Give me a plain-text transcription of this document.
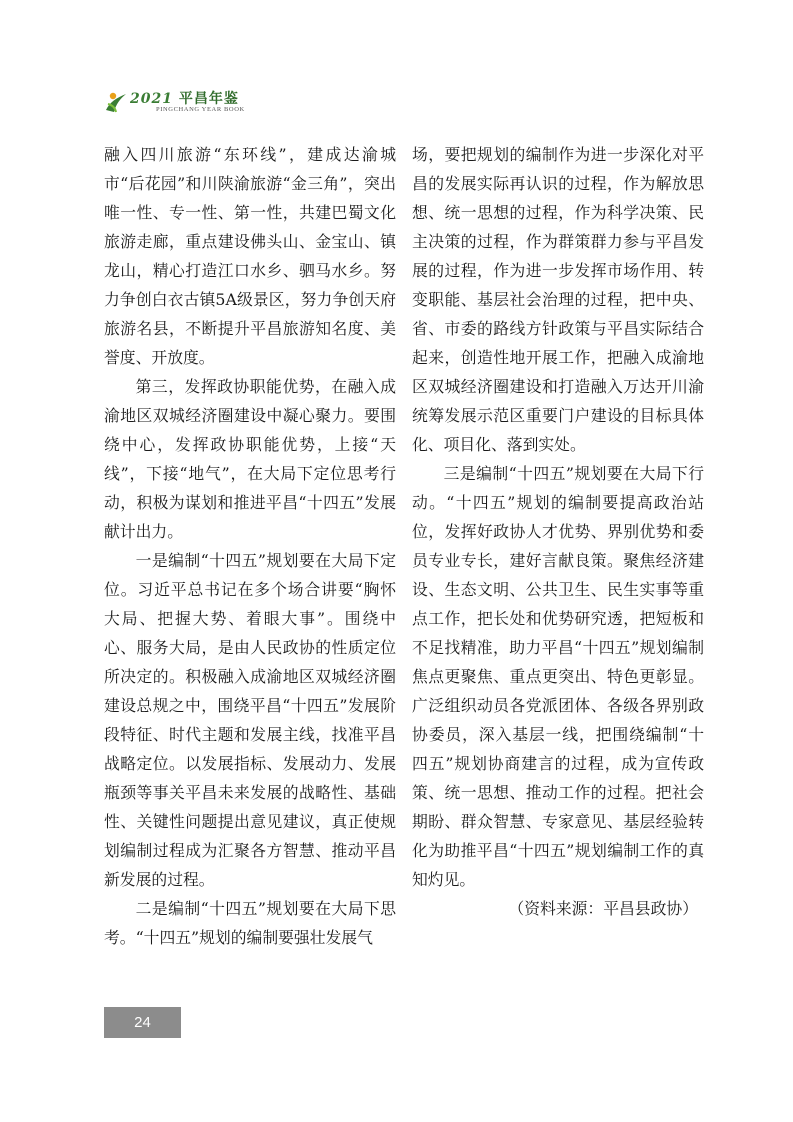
2021 平昌年鉴
PINGCHANG YEAR BOOK

融入四川旅游“东环线”，建成达渝城市“后花园”和川陕渝旅游“金三角”，突出唯一性、专一性、第一性，共建巴蜀文化旅游走廊，重点建设佛头山、金宝山、镇龙山，精心打造江口水乡、驷马水乡。努力争创白衣古镇5A级景区，努力争创天府旅游名县，不断提升平昌旅游知名度、美誉度、开放度。

第三，发挥政协职能优势，在融入成渝地区双城经济圈建设中凝心聚力。要围绕中心，发挥政协职能优势，上接“天线”，下接“地气”，在大局下定位思考行动，积极为谋划和推进平昌“十四五”发展献计出力。

一是编制“十四五”规划要在大局下定位。习近平总书记在多个场合讲要“胸怀大局、把握大势、着眼大事”。围绕中心、服务大局，是由人民政协的性质定位所决定的。积极融入成渝地区双城经济圈建设总规之中，围绕平昌“十四五”发展阶段特征、时代主题和发展主线，找准平昌战略定位。以发展指标、发展动力、发展瓶颈等事关平昌未来发展的战略性、基础性、关键性问题提出意见建议，真正使规划编制过程成为汇聚各方智慧、推动平昌新发展的过程。

二是编制“十四五”规划要在大局下思考。“十四五”规划的编制要强壮发展气

场，要把规划的编制作为进一步深化对平昌的发展实际再认识的过程，作为解放思想、统一思想的过程，作为科学决策、民主决策的过程，作为群策群力参与平昌发展的过程，作为进一步发挥市场作用、转变职能、基层社会治理的过程，把中央、省、市委的路线方针政策与平昌实际结合起来，创造性地开展工作，把融入成渝地区双城经济圈建设和打造融入万达开川渝统筹发展示范区重要门户建设的目标具体化、项目化、落到实处。

三是编制“十四五”规划要在大局下行动。“十四五”规划的编制要提高政治站位，发挥好政协人才优势、界别优势和委员专业专长，建好言献良策。聚焦经济建设、生态文明、公共卫生、民生实事等重点工作，把长处和优势研究透，把短板和不足找精准，助力平昌“十四五”规划编制焦点更聚焦、重点更突出、特色更彰显。广泛组织动员各党派团体、各级各界别政协委员，深入基层一线，把围绕编制“十四五”规划协商建言的过程，成为宣传政策、统一思想、推动工作的过程。把社会期盼、群众智慧、专家意见、基层经验转化为助推平昌“十四五”规划编制工作的真知灼见。

（资料来源：平昌县政协）

24
